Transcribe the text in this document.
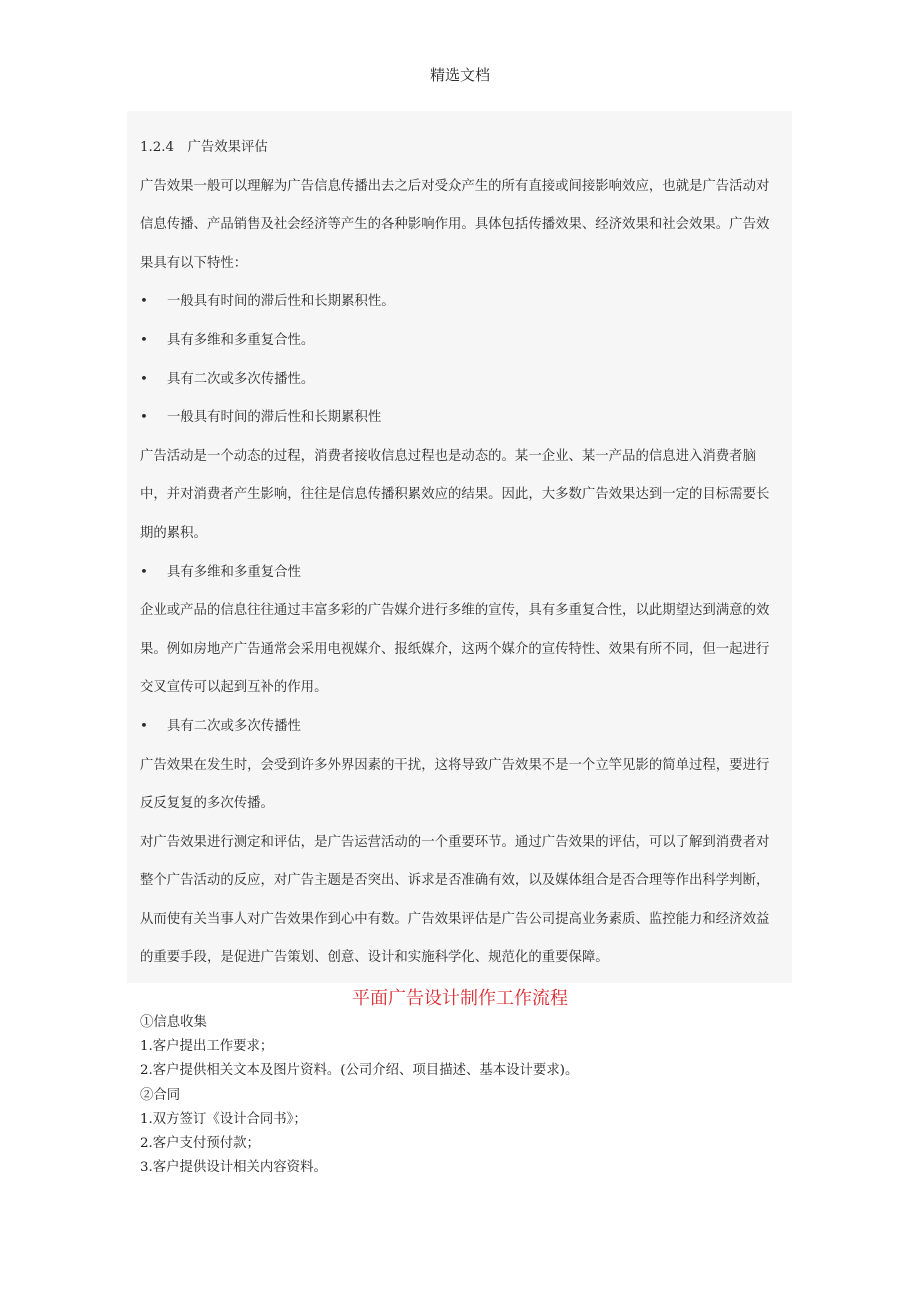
精选文档

1.2.4　广告效果评估

广告效果一般可以理解为广告信息传播出去之后对受众产生的所有直接或间接影响效应，也就是广告活动对信息传播、产品销售及社会经济等产生的各种影响作用。具体包括传播效果、经济效果和社会效果。广告效果具有以下特性：

•	一般具有时间的滞后性和长期累积性。
•	具有多维和多重复合性。
•	具有二次或多次传播性。
•	一般具有时间的滞后性和长期累积性

广告活动是一个动态的过程，消费者接收信息过程也是动态的。某一企业、某一产品的信息进入消费者脑中，并对消费者产生影响，往往是信息传播积累效应的结果。因此，大多数广告效果达到一定的目标需要长期的累积。

•	具有多维和多重复合性

企业或产品的信息往往通过丰富多彩的广告媒介进行多维的宣传，具有多重复合性，以此期望达到满意的效果。例如房地产广告通常会采用电视媒介、报纸媒介，这两个媒介的宣传特性、效果有所不同，但一起进行交叉宣传可以起到互补的作用。

•	具有二次或多次传播性

广告效果在发生时，会受到许多外界因素的干扰，这将导致广告效果不是一个立竿见影的简单过程，要进行反反复复的多次传播。

对广告效果进行测定和评估，是广告运营活动的一个重要环节。通过广告效果的评估，可以了解到消费者对整个广告活动的反应，对广告主题是否突出、诉求是否准确有效，以及媒体组合是否合理等作出科学判断，从而使有关当事人对广告效果作到心中有数。广告效果评估是广告公司提高业务素质、监控能力和经济效益的重要手段，是促进广告策划、创意、设计和实施科学化、规范化的重要保障。

平面广告设计制作工作流程

①信息收集

1.客户提出工作要求；

2.客户提供相关文本及图片资料。(公司介绍、项目描述、基本设计要求)。

②合同

1.双方签订《设计合同书》；

2.客户支付预付款；

3.客户提供设计相关内容资料。
